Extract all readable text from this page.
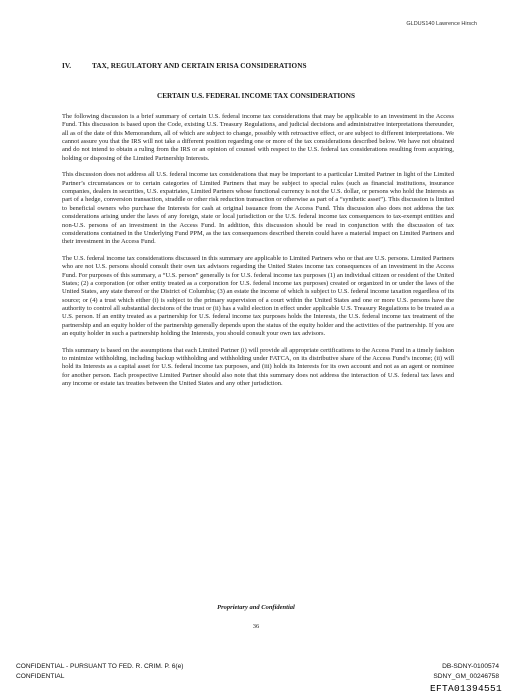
GLDUS140 Lawrence Hirsch
IV.	TAX, REGULATORY AND CERTAIN ERISA CONSIDERATIONS
CERTAIN U.S. FEDERAL INCOME TAX CONSIDERATIONS

The following discussion is a brief summary of certain U.S. federal income tax considerations that may be applicable to an investment in the Access Fund. This discussion is based upon the Code, existing U.S. Treasury Regulations, and judicial decisions and administrative interpretations thereunder, all as of the date of this Memorandum, all of which are subject to change, possibly with retroactive effect, or are subject to different interpretations. We cannot assure you that the IRS will not take a different position regarding one or more of the tax considerations described below. We have not obtained and do not intend to obtain a ruling from the IRS or an opinion of counsel with respect to the U.S. federal tax considerations resulting from acquiring, holding or disposing of the Limited Partnership Interests.

This discussion does not address all U.S. federal income tax considerations that may be important to a particular Limited Partner in light of the Limited Partner’s circumstances or to certain categories of Limited Partners that may be subject to special rules (such as financial institutions, insurance companies, dealers in securities, U.S. expatriates, Limited Partners whose functional currency is not the U.S. dollar, or persons who hold the Interests as part of a hedge, conversion transaction, straddle or other risk reduction transaction or otherwise as part of a “synthetic asset”). This discussion is limited to beneficial owners who purchase the Interests for cash at original issuance from the Access Fund. This discussion also does not address the tax considerations arising under the laws of any foreign, state or local jurisdiction or the U.S. federal income tax consequences to tax-exempt entities and non-U.S. persons of an investment in the Access Fund. In addition, this discussion should be read in conjunction with the discussion of tax considerations contained in the Underlying Fund PPM, as the tax consequences described therein could have a material impact on Limited Partners and their investment in the Access Fund.

The U.S. federal income tax considerations discussed in this summary are applicable to Limited Partners who or that are U.S. persons. Limited Partners who are not U.S. persons should consult their own tax advisors regarding the United States income tax consequences of an investment in the Access Fund. For purposes of this summary, a “U.S. person” generally is for U.S. federal income tax purposes (1) an individual citizen or resident of the United States; (2) a corporation (or other entity treated as a corporation for U.S. federal income tax purposes) created or organized in or under the laws of the United States, any state thereof or the District of Columbia; (3) an estate the income of which is subject to U.S. federal income taxation regardless of its source; or (4) a trust which either (i) is subject to the primary supervision of a court within the United States and one or more U.S. persons have the authority to control all substantial decisions of the trust or (ii) has a valid election in effect under applicable U.S. Treasury Regulations to be treated as a U.S. person. If an entity treated as a partnership for U.S. federal income tax purposes holds the Interests, the U.S. federal income tax treatment of the partnership and an equity holder of the partnership generally depends upon the status of the equity holder and the activities of the partnership. If you are an equity holder in such a partnership holding the Interests, you should consult your own tax advisors.

This summary is based on the assumptions that each Limited Partner (i) will provide all appropriate certifications to the Access Fund in a timely fashion to minimize withholding, including backup withholding and withholding under FATCA, on its distributive share of the Access Fund’s income; (ii) will hold its Interests as a capital asset for U.S. federal income tax purposes, and (iii) holds its Interests for its own account and not as an agent or nominee for another person. Each prospective Limited Partner should also note that this summary does not address the interaction of U.S. federal tax laws and any income or estate tax treaties between the United States and any other jurisdiction.

Proprietary and Confidential
36
CONFIDENTIAL - PURSUANT TO FED. R. CRIM. P. 6(e)
CONFIDENTIAL
DB-SDNY-0100574
SDNY_GM_00246758
EFTA01394551
